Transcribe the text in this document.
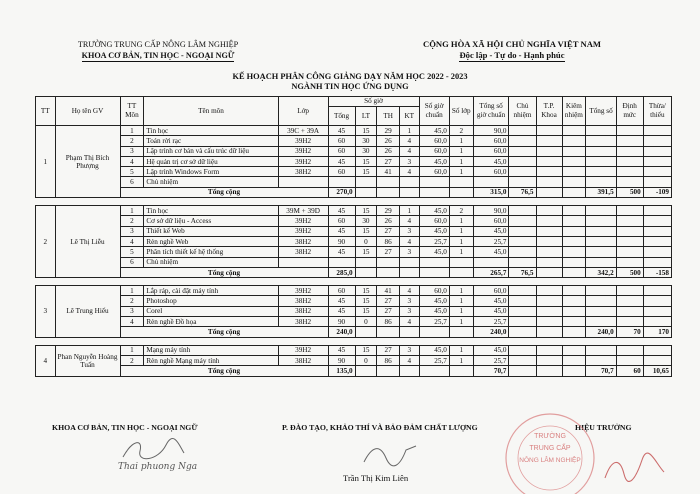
TRƯỜNG TRUNG CẤP NÔNG LÂM NGHIỆP
KHOA CƠ BẢN, TIN HỌC - NGOẠI NGỮ
CỘNG HÒA XÃ HỘI CHỦ NGHĨA VIỆT NAM
Độc lập - Tự do - Hạnh phúc
KẾ HOẠCH PHÂN CÔNG GIẢNG DẠY NĂM HỌC 2022 - 2023
NGÀNH TIN HỌC ỨNG DỤNG
TT	Họ tên GV	TT Môn	Tên môn	Lớp	Số giờ				Số giờ chuẩn	Số lớp	Tổng số giờ chuẩn	Chủ nhiệm	T.P. Khoa	Kiêm nhiệm	Tổng số	Định mức	Thừa/ thiếu
					Tổng	LT	TH	KT									
1	Phạm Thị Bích Phượng	1	Tin học	39C + 39A	45	15	29	1	45,0	2	90,0						
		2	Toán rời rạc	39H2	60	30	26	4	60,0	1	60,0						
		3	Lập trình cơ bản và cấu trúc dữ liệu	39H2	60	30	26	4	60,0	1	60,0						
		4	Hệ quản trị cơ sở dữ liệu	39H2	45	15	27	3	45,0	1	45,0						
		5	Lập trình Windows Form	38H2	60	15	41	4	60,0	1	60,0						
		6	Chủ nhiệm														
		Tổng cộng			270,0						315,0	76,5			391,5	500	-109

2	Lê Thị Liễu	1	Tin học	39M + 39D	45	15	29	1	45,0	2	90,0						
		2	Cơ sở dữ liệu - Access	39H2	60	30	26	4	60,0	1	60,0						
		3	Thiết kế Web	39H2	45	15	27	3	45,0	1	45,0						
		4	Rèn nghề Web	38H2	90	0	86	4	25,7	1	25,7						
		5	Phân tích thiết kế hệ thống	38H2	45	15	27	3	45,0	1	45,0						
		6	Chủ nhiệm														
		Tổng cộng			285,0						265,7	76,5			342,2	500	-158

3	Lê Trung Hiếu	1	Lắp ráp, cài đặt máy tính	39H2	60	15	41	4	60,0	1	60,0						
		2	Photoshop	38H2	45	15	27	3	45,0	1	45,0						
		3	Corel	38H2	45	15	27	3	45,0	1	45,0						
		4	Rèn nghề Đồ họa	38H2	90	0	86	4	25,7	1	25,7						
		Tổng cộng			240,0						240,0				240,0	70	170

4	Phan Nguyễn Hoàng Tuấn	1	Mạng máy tính	39H2	45	15	27	3	45,0	1	45,0						
		2	Rèn nghề Mạng máy tính	38H2	90	0	86	4	25,7	1	25,7						
		Tổng cộng			135,0						70,7				70,7	60	10,65
KHOA CƠ BẢN, TIN HỌC - NGOẠI NGỮ	P. ĐÀO TẠO, KHẢO THÍ VÀ BẢO ĐẢM CHẤT LƯỢNG	HIỆU TRƯỞNG
Thai phuong Nga
Trần Thị Kim Liên
TRƯỜNG
TRUNG CẤP
NÔNG LÂM NGHIỆP
